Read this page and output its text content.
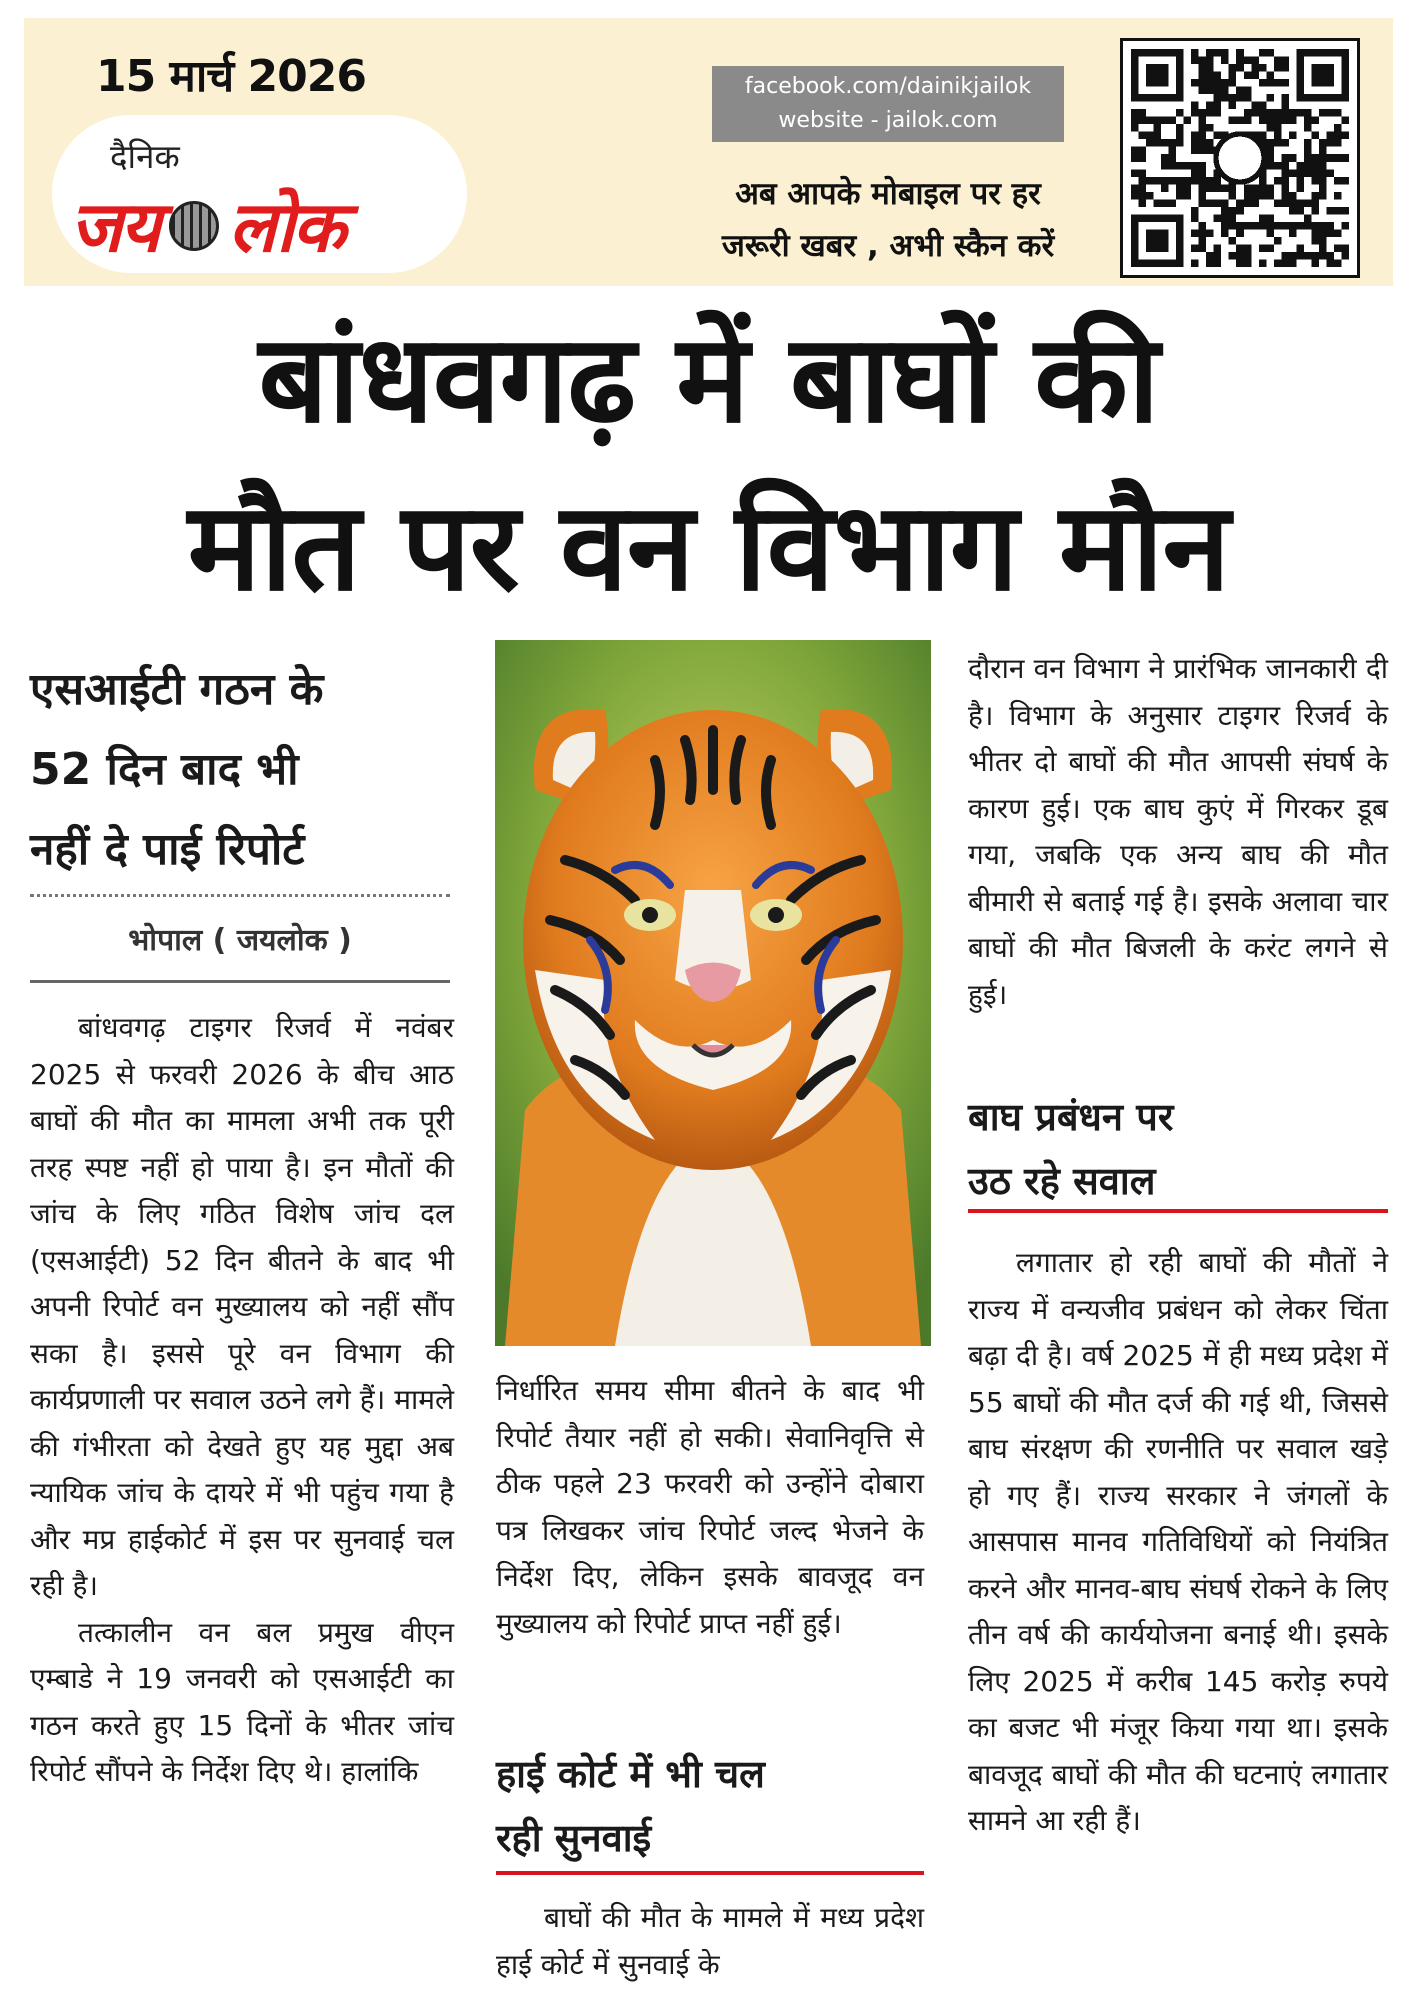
15 मार्च 2026
दैनिक
जय लोक
facebook.com/dainikjailok
website - jailok.com
अब आपके मोबाइल पर हर
जरूरी खबर , अभी स्कैन करें
बांधवगढ़ में बाघों की
मौत पर वन विभाग मौन
एसआईटी गठन के
52 दिन बाद भी
नहीं दे पाई रिपोर्ट
भोपाल ( जयलोक )

बांधवगढ़ टाइगर रिजर्व में नवंबर 2025 से फरवरी 2026 के बीच आठ बाघों की मौत का मामला अभी तक पूरी तरह स्पष्ट नहीं हो पाया है। इन मौतों की जांच के लिए गठित विशेष जांच दल (एसआईटी) 52 दिन बीतने के बाद भी अपनी रिपोर्ट वन मुख्यालय को नहीं सौंप सका है। इससे पूरे वन विभाग की कार्यप्रणाली पर सवाल उठने लगे हैं। मामले की गंभीरता को देखते हुए यह मुद्दा अब न्यायिक जांच के दायरे में भी पहुंच गया है और मप्र हाईकोर्ट में इस पर सुनवाई चल रही है।

तत्कालीन वन बल प्रमुख वीएन एम्बाडे ने 19 जनवरी को एसआईटी का गठन करते हुए 15 दिनों के भीतर जांच रिपोर्ट सौंपने के निर्देश दिए थे। हालांकि

निर्धारित समय सीमा बीतने के बाद भी रिपोर्ट तैयार नहीं हो सकी। सेवानिवृत्ति से ठीक पहले 23 फरवरी को उन्होंने दोबारा पत्र लिखकर जांच रिपोर्ट जल्द भेजने के निर्देश दिए, लेकिन इसके बावजूद वन मुख्यालय को रिपोर्ट प्राप्त नहीं हुई।

हाई कोर्ट में भी चल
रही सुनवाई

बाघों की मौत के मामले में मध्य प्रदेश हाई कोर्ट में सुनवाई के

दौरान वन विभाग ने प्रारंभिक जानकारी दी है। विभाग के अनुसार टाइगर रिजर्व के भीतर दो बाघों की मौत आपसी संघर्ष के कारण हुई। एक बाघ कुएं में गिरकर डूब गया, जबकि एक अन्य बाघ की मौत बीमारी से बताई गई है। इसके अलावा चार बाघों की मौत बिजली के करंट लगने से हुई।

बाघ प्रबंधन पर
उठ रहे सवाल

लगातार हो रही बाघों की मौतों ने राज्य में वन्यजीव प्रबंधन को लेकर चिंता बढ़ा दी है। वर्ष 2025 में ही मध्य प्रदेश में 55 बाघों की मौत दर्ज की गई थी, जिससे बाघ संरक्षण की रणनीति पर सवाल खड़े हो गए हैं। राज्य सरकार ने जंगलों के आसपास मानव गतिविधियों को नियंत्रित करने और मानव-बाघ संघर्ष रोकने के लिए तीन वर्ष की कार्ययोजना बनाई थी। इसके लिए 2025 में करीब 145 करोड़ रुपये का बजट भी मंजूर किया गया था। इसके बावजूद बाघों की मौत की घटनाएं लगातार सामने आ रही हैं।
